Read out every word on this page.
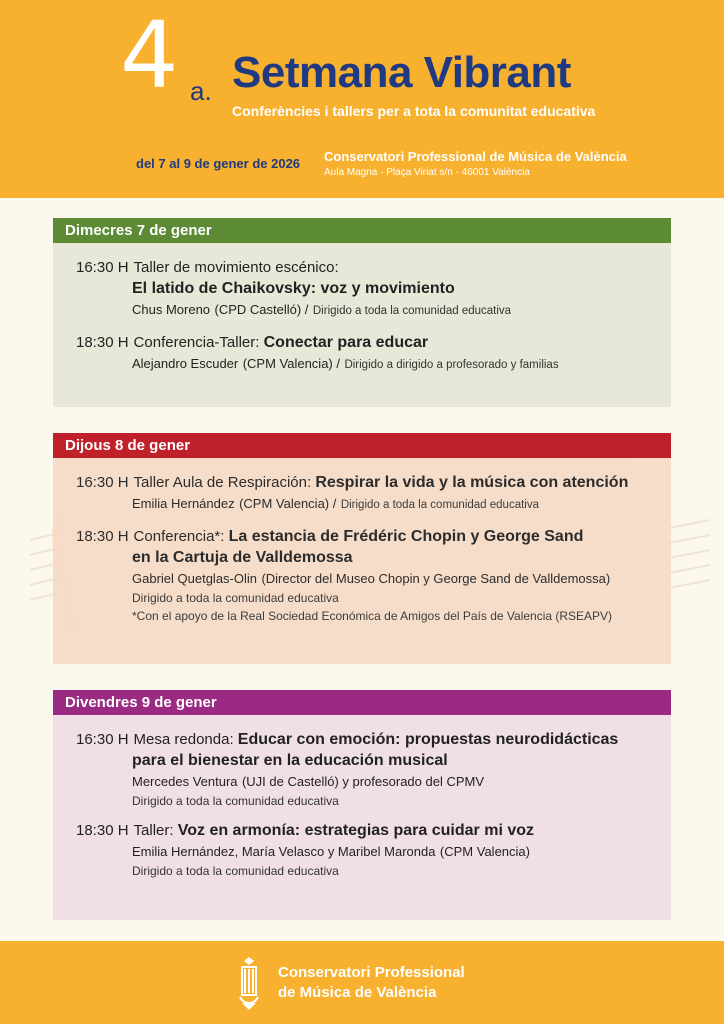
4 a. Setmana Vibrant
Conferències i tallers per a tota la comunitat educativa
del 7 al 9 de gener de 2026 Conservatori Professional de Música de València
Aula Magna - Plaça Viriat s/n - 46001 València
Dimecres 7 de gener
16:30 H Taller de movimiento escénico:
El latido de Chaikovsky: voz y movimiento
Chus Moreno (CPD Castelló) / Dirigido a toda la comunidad educativa
18:30 H Conferencia-Taller: Conectar para educar
Alejandro Escuder (CPM Valencia) / Dirigido a dirigido a profesorado y familias
Dijous 8 de gener
16:30 H Taller Aula de Respiración: Respirar la vida y la música con atención
Emilia Hernández (CPM Valencia) / Dirigido a toda la comunidad educativa
18:30 H Conferencia*: La estancia de Frédéric Chopin y George Sand
en la Cartuja de Valldemossa
Gabriel Quetglas-Olin (Director del Museo Chopin y George Sand de Valldemossa)
Dirigido a toda la comunidad educativa
*Con el apoyo de la Real Sociedad Económica de Amigos del País de Valencia (RSEAPV)
Divendres 9 de gener
16:30 H Mesa redonda: Educar con emoción: propuestas neurodidácticas
para el bienestar en la educación musical
Mercedes Ventura (UJI de Castelló) y profesorado del CPMV
Dirigido a toda la comunidad educativa
18:30 H Taller: Voz en armonía: estrategias para cuidar mi voz
Emilia Hernández, María Velasco y Maribel Maronda (CPM Valencia)
Dirigido a toda la comunidad educativa
Conservatori Professional
de Música de València
